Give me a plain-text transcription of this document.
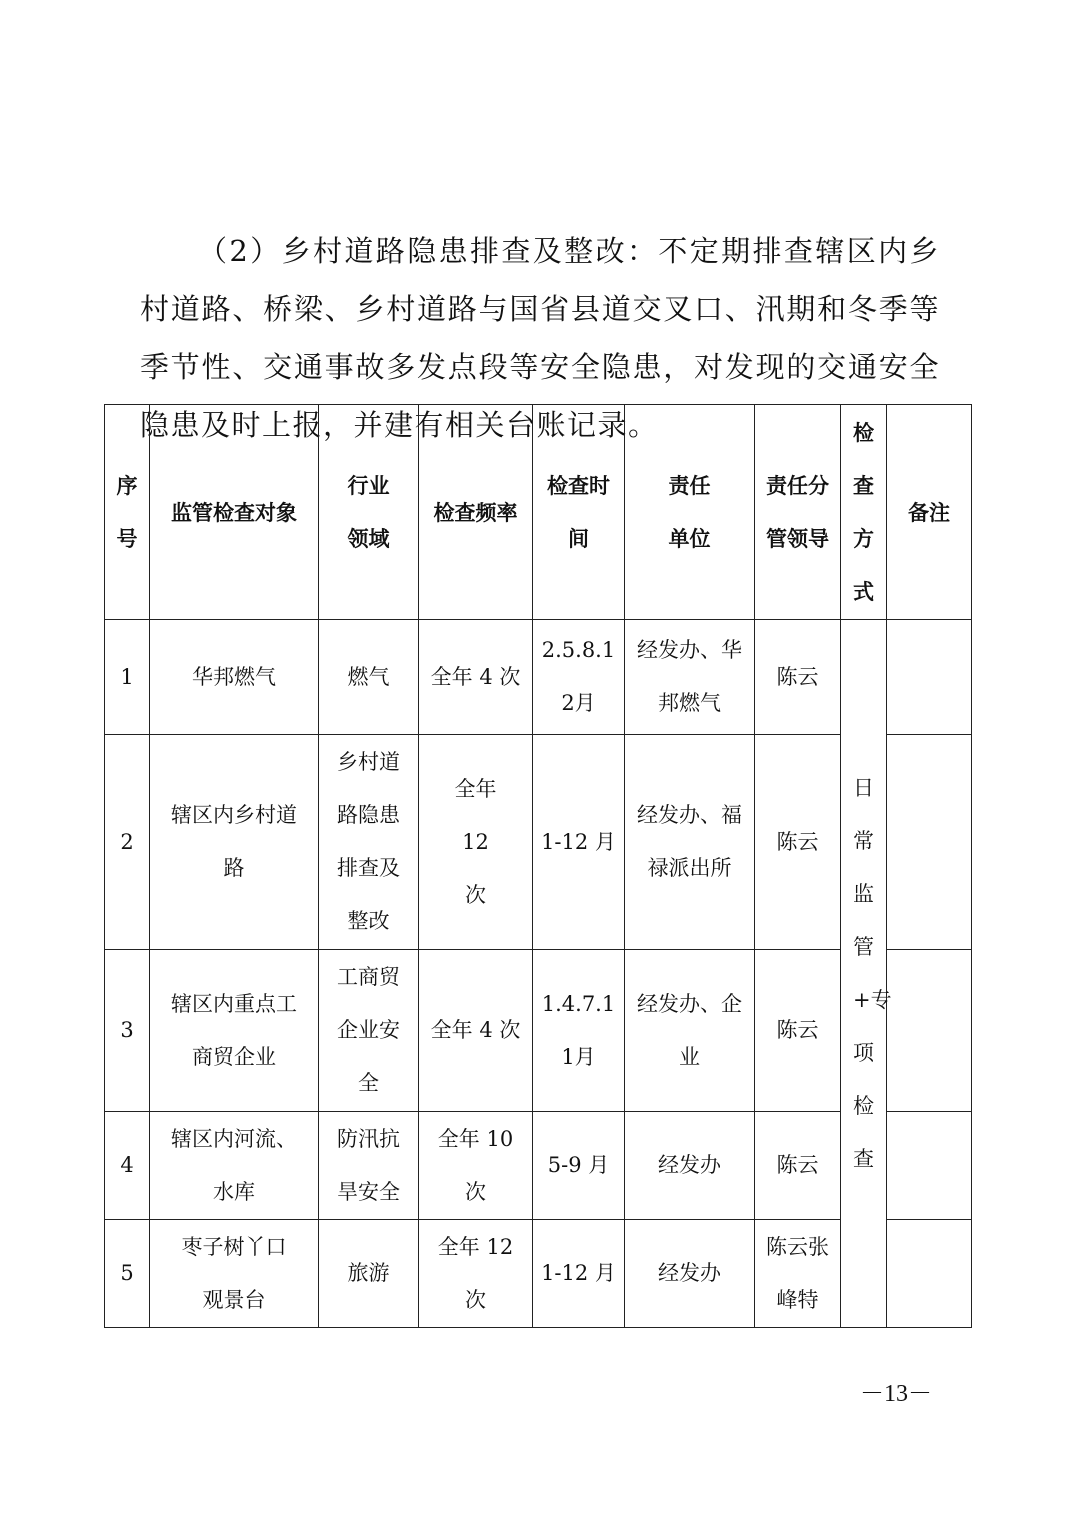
（2）乡村道路隐患排查及整改：不定期排查辖区内乡村道路、桥梁、乡村道路与国省县道交叉口、汛期和冬季等季节性、交通事故多发点段等安全隐患，对发现的交通安全隐患及时上报，并建有相关台账记录。

序号	监管检查对象	行业领域	检查频率	检查时间	责任单位	责任分管领导	检查方式	备注
1	华邦燃气	燃气	全年 4 次	2.5.8.12月	经发办、华邦燃气	陈云	日常监管+专项检查	

2	辖区内乡村道路	乡村道路隐患排查及整改	全年12 次	1-12 月	经发办、福禄派出所	陈云		
3	辖区内重点工商贸企业	工商贸企业安全	全年 4 次	1.4.7.11月	经发办、企业	陈云		
4	辖区内河流、水库	防汛抗旱安全	全年 10 次	5-9 月	经发办	陈云		
5	枣子树丫口观景台	旅游	全年 12 次	1-12 月	经发办	陈云张峰特		

－13－
